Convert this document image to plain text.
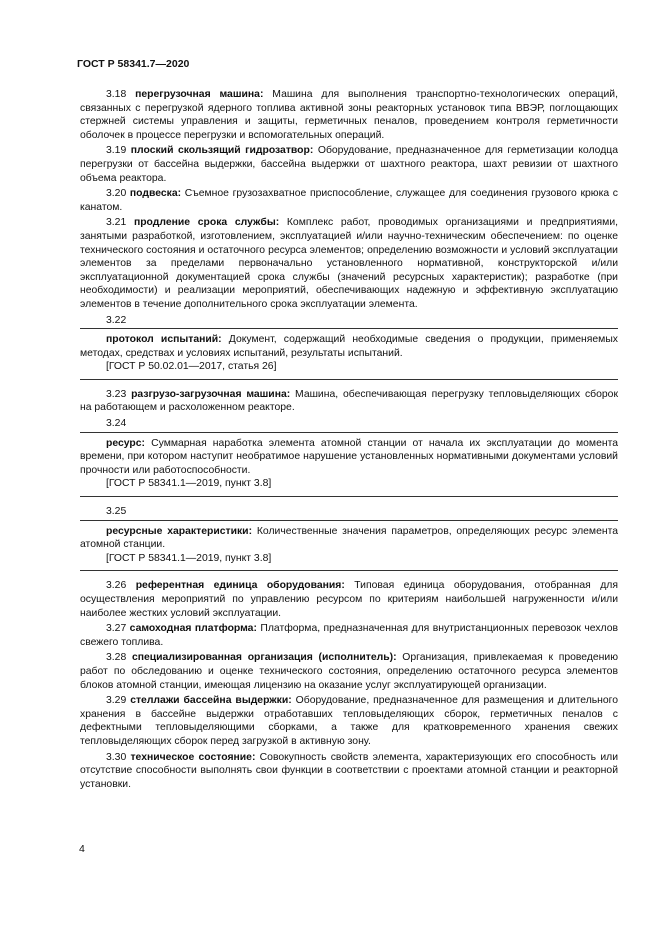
ГОСТ Р 58341.7—2020

3.18 перегрузочная машина: Машина для выполнения транспортно-технологических операций, связанных с перегрузкой ядерного топлива активной зоны реакторных установок типа ВВЭР, поглощающих стержней системы управления и защиты, герметичных пеналов, проведением контроля герметичности оболочек в процессе перегрузки и вспомогательных операций.

3.19 плоский скользящий гидрозатвор: Оборудование, предназначенное для герметизации колодца перегрузки от бассейна выдержки, бассейна выдержки от шахтного реактора, шахт ревизии от шахтного объема реактора.

3.20 подвеска: Съемное грузозахватное приспособление, служащее для соединения грузового крюка с канатом.

3.21 продление срока службы: Комплекс работ, проводимых организациями и предприятиями, занятыми разработкой, изготовлением, эксплуатацией и/или научно-техническим обеспечением: по оценке технического состояния и остаточного ресурса элементов; определению возможности и условий эксплуатации элементов за пределами первоначально установленного нормативной, конструкторской и/или эксплуатационной документацией срока службы (значений ресурсных характеристик); разработке (при необходимости) и реализации мероприятий, обеспечивающих надежную и эффективную эксплуатацию элементов в течение дополнительного срока эксплуатации элемента.

3.22

протокол испытаний: Документ, содержащий необходимые сведения о продукции, применяемых методах, средствах и условиях испытаний, результаты испытаний.

[ГОСТ Р 50.02.01—2017, статья 26]

3.23 разгрузо-загрузочная машина: Машина, обеспечивающая перегрузку тепловыделяющих сборок на работающем и расхоложенном реакторе.

3.24

ресурс: Суммарная наработка элемента атомной станции от начала их эксплуатации до момента времени, при котором наступит необратимое нарушение установленных нормативными документами условий прочности или работоспособности.

[ГОСТ Р 58341.1—2019, пункт 3.8]

3.25

ресурсные характеристики: Количественные значения параметров, определяющих ресурс элемента атомной станции.

[ГОСТ Р 58341.1—2019, пункт 3.8]

3.26 референтная единица оборудования: Типовая единица оборудования, отобранная для осуществления мероприятий по управлению ресурсом по критериям наибольшей нагруженности и/или наиболее жестких условий эксплуатации.

3.27 самоходная платформа: Платформа, предназначенная для внутристанционных перевозок чехлов свежего топлива.

3.28 специализированная организация (исполнитель): Организация, привлекаемая к проведению работ по обследованию и оценке технического состояния, определению остаточного ресурса элементов блоков атомной станции, имеющая лицензию на оказание услуг эксплуатирующей организации.

3.29 стеллажи бассейна выдержки: Оборудование, предназначенное для размещения и длительного хранения в бассейне выдержки отработавших тепловыделяющих сборок, герметичных пеналов с дефектными тепловыделяющими сборками, а также для кратковременного хранения свежих тепловыделяющих сборок перед загрузкой в активную зону.

3.30 техническое состояние: Совокупность свойств элемента, характеризующих его способность или отсутствие способности выполнять свои функции в соответствии с проектами атомной станции и реакторной установки.

4
